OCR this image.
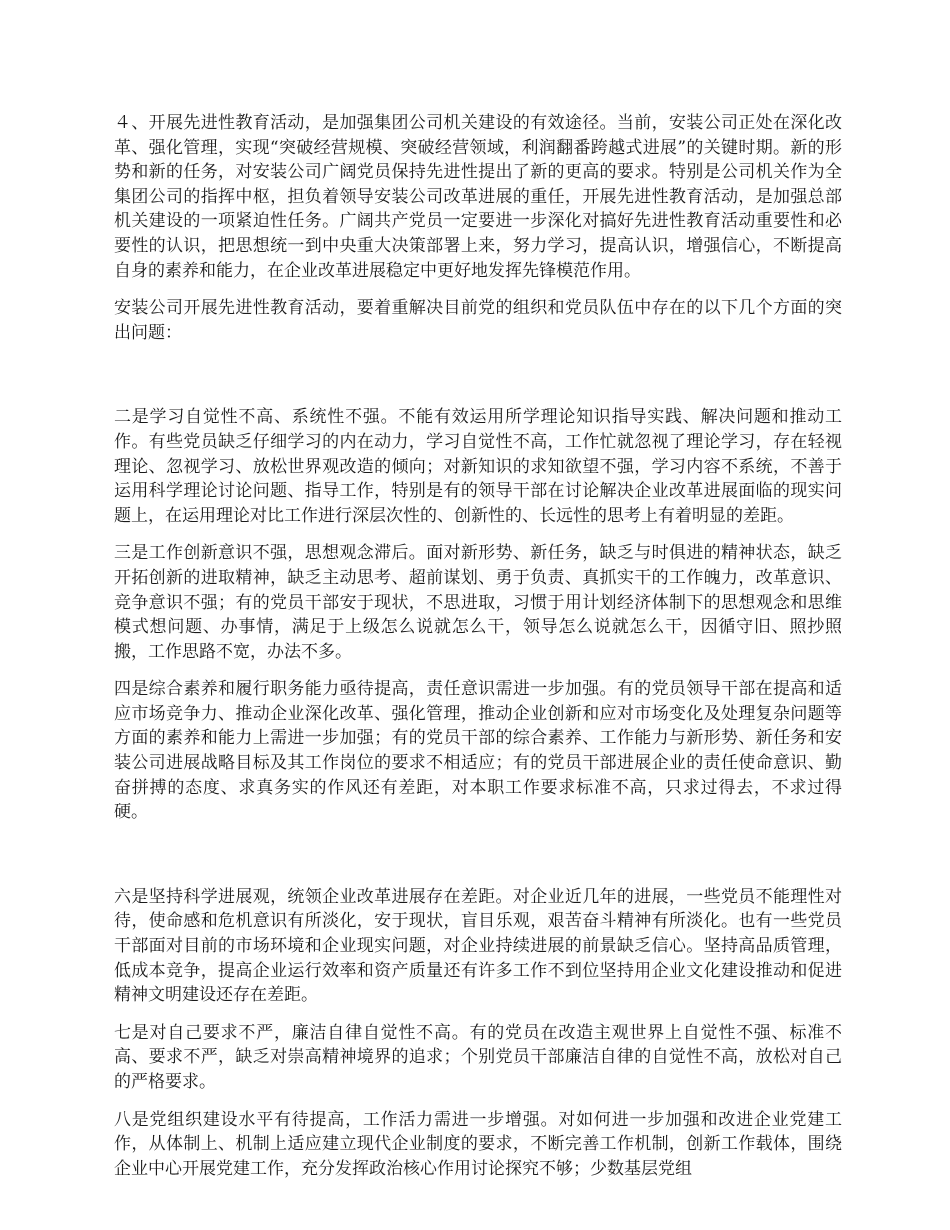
４、开展先进性教育活动，是加强集团公司机关建设的有效途径。当前，安装公司正处在深化改革、强化管理，实现“突破经营规模、突破经营领域，利润翻番跨越式进展”的关键时期。新的形势和新的任务，对安装公司广阔党员保持先进性提出了新的更高的要求。特别是公司机关作为全集团公司的指挥中枢，担负着领导安装公司改革进展的重任，开展先进性教育活动，是加强总部机关建设的一项紧迫性任务。广阔共产党员一定要进一步深化对搞好先进性教育活动重要性和必要性的认识，把思想统一到中央重大决策部署上来，努力学习，提高认识，增强信心，不断提高自身的素养和能力，在企业改革进展稳定中更好地发挥先锋模范作用。

安装公司开展先进性教育活动，要着重解决目前党的组织和党员队伍中存在的以下几个方面的突出问题：

二是学习自觉性不高、系统性不强。不能有效运用所学理论知识指导实践、解决问题和推动工作。有些党员缺乏仔细学习的内在动力，学习自觉性不高，工作忙就忽视了理论学习，存在轻视理论、忽视学习、放松世界观改造的倾向；对新知识的求知欲望不强，学习内容不系统，不善于运用科学理论讨论问题、指导工作，特别是有的领导干部在讨论解决企业改革进展面临的现实问题上，在运用理论对比工作进行深层次性的、创新性的、长远性的思考上有着明显的差距。

三是工作创新意识不强，思想观念滞后。面对新形势、新任务，缺乏与时俱进的精神状态，缺乏开拓创新的进取精神，缺乏主动思考、超前谋划、勇于负责、真抓实干的工作魄力，改革意识、竞争意识不强；有的党员干部安于现状，不思进取，习惯于用计划经济体制下的思想观念和思维模式想问题、办事情，满足于上级怎么说就怎么干，领导怎么说就怎么干，因循守旧、照抄照搬，工作思路不宽，办法不多。

四是综合素养和履行职务能力亟待提高，责任意识需进一步加强。有的党员领导干部在提高和适应市场竞争力、推动企业深化改革、强化管理，推动企业创新和应对市场变化及处理复杂问题等方面的素养和能力上需进一步加强；有的党员干部的综合素养、工作能力与新形势、新任务和安装公司进展战略目标及其工作岗位的要求不相适应；有的党员干部进展企业的责任使命意识、勤奋拼搏的态度、求真务实的作风还有差距，对本职工作要求标准不高，只求过得去，不求过得硬。

六是坚持科学进展观，统领企业改革进展存在差距。对企业近几年的进展，一些党员不能理性对待，使命感和危机意识有所淡化，安于现状，盲目乐观，艰苦奋斗精神有所淡化。也有一些党员干部面对目前的市场环境和企业现实问题，对企业持续进展的前景缺乏信心。坚持高品质管理，低成本竞争，提高企业运行效率和资产质量还有许多工作不到位坚持用企业文化建设推动和促进精神文明建设还存在差距。

七是对自己要求不严，廉洁自律自觉性不高。有的党员在改造主观世界上自觉性不强、标准不高、要求不严，缺乏对崇高精神境界的追求；个别党员干部廉洁自律的自觉性不高，放松对自己的严格要求。

八是党组织建设水平有待提高，工作活力需进一步增强。对如何进一步加强和改进企业党建工作，从体制上、机制上适应建立现代企业制度的要求，不断完善工作机制，创新工作载体，围绕企业中心开展党建工作，充分发挥政治核心作用讨论探究不够；少数基层党组
